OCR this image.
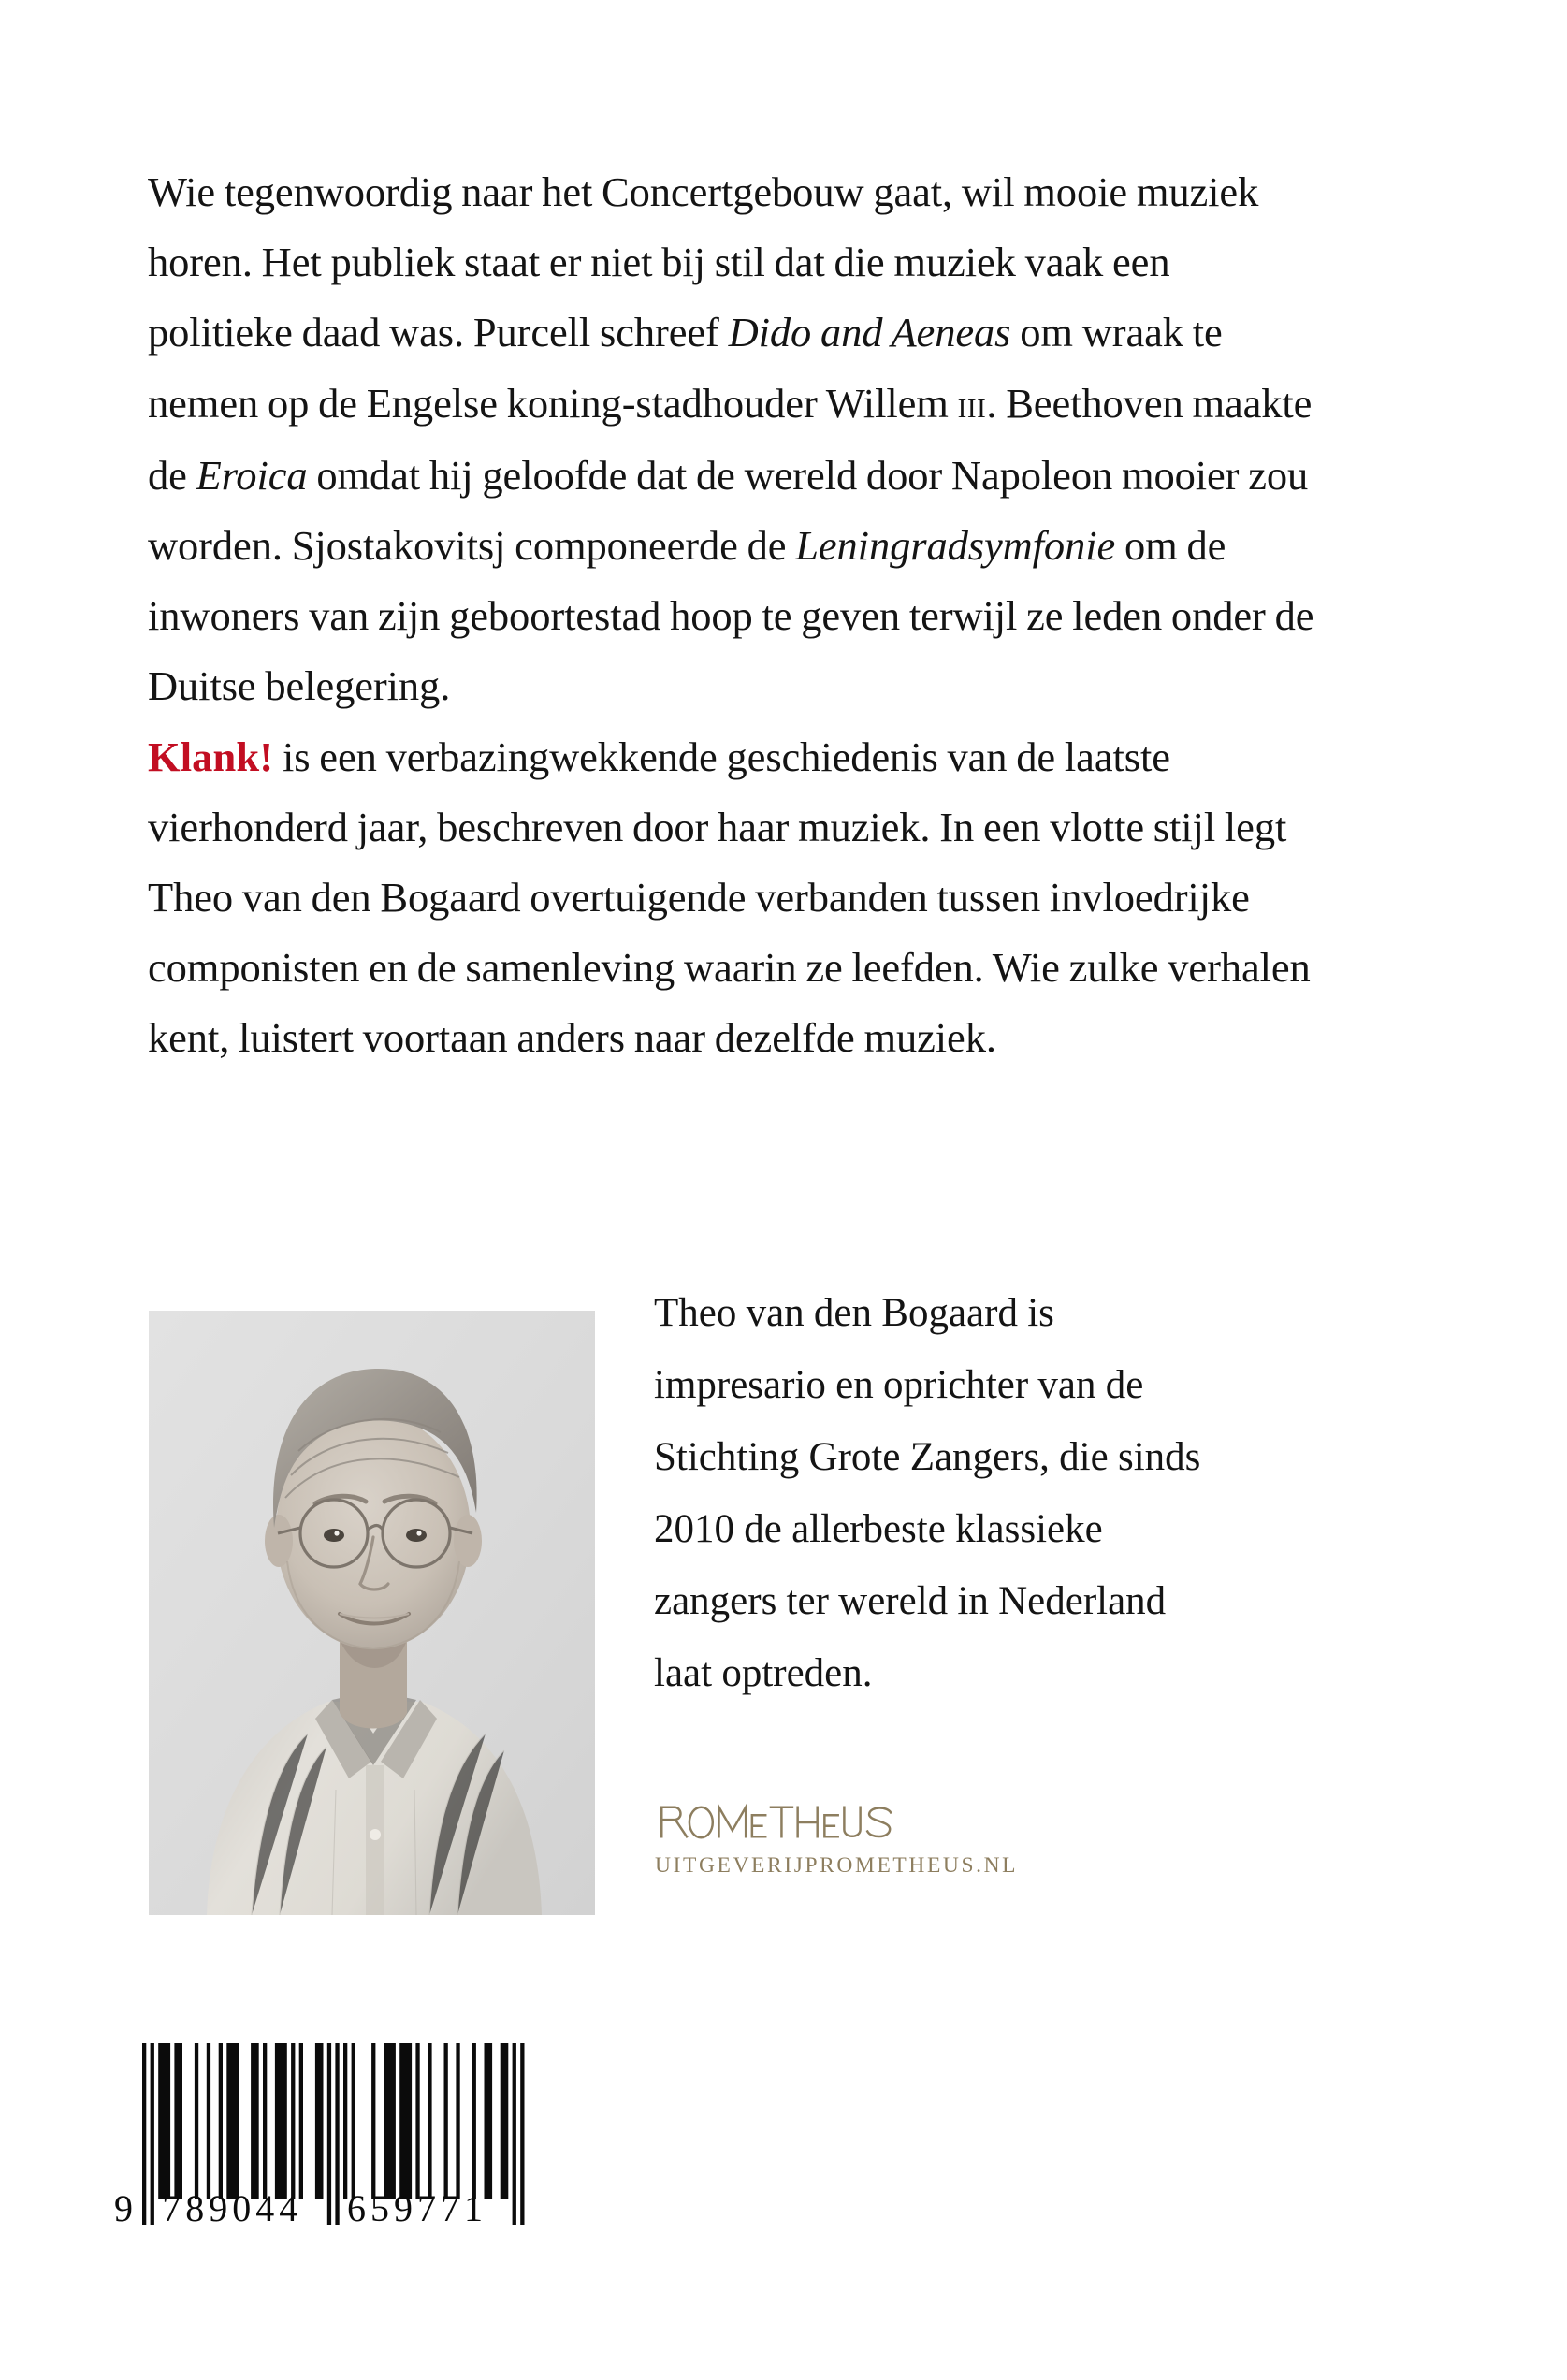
Wie tegenwoordig naar het Concertgebouw gaat, wil mooie muziek horen. Het publiek staat er niet bij stil dat die muziek vaak een politieke daad was. Purcell schreef Dido and Aeneas om wraak te nemen op de Engelse koning-stadhouder Willem iii. Beethoven maakte de Eroica omdat hij geloofde dat de wereld door Napoleon mooier zou worden. Sjostakovitsj componeerde de Leningradsymfonie om de inwoners van zijn geboortestad hoop te geven terwijl ze leden onder de Duitse belegering.

Klank! is een verbazingwekkende geschiedenis van de laatste vierhonderd jaar, beschreven door haar muziek. In een vlotte stijl legt Theo van den Bogaard overtuigende verbanden tussen invloedrijke componisten en de samenleving waarin ze leefden. Wie zulke verhalen kent, luistert voortaan anders naar dezelfde muziek.

Theo van den Bogaard is impresario en oprichter van de Stichting Grote Zangers, die sinds 2010 de allerbeste klassieke zangers ter wereld in Nederland laat optreden.

UITGEVERIJPROMETHEUS.NL
9 789044 659771
